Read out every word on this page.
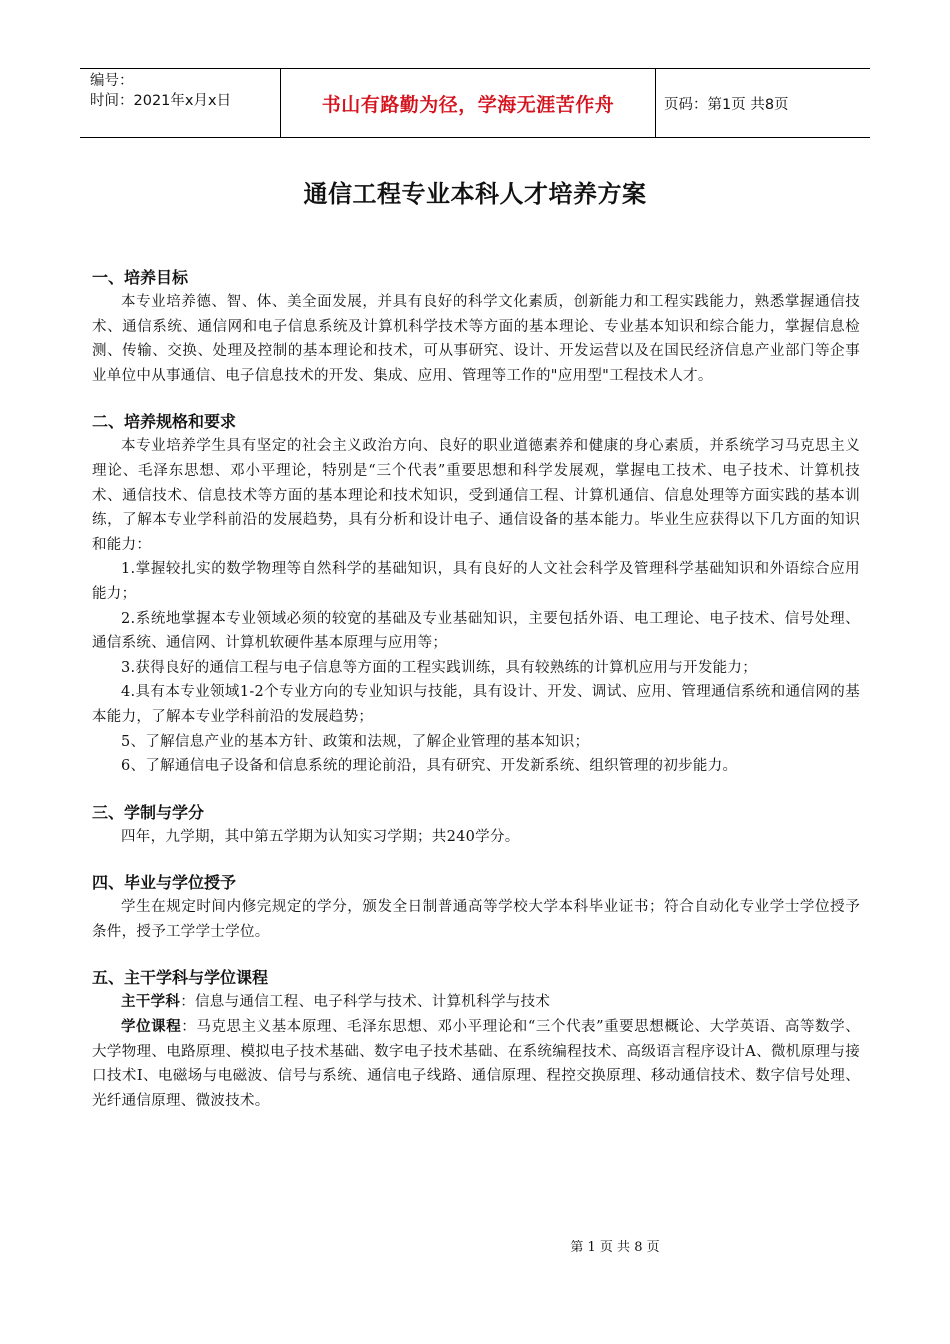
编号：
时间：2021年x月x日	书山有路勤为径，学海无涯苦作舟	页码：第1页 共8页
通信工程专业本科人才培养方案

一、培养目标

本专业培养德、智、体、美全面发展，并具有良好的科学文化素质，创新能力和工程实践能力，熟悉掌握通信技术、通信系统、通信网和电子信息系统及计算机科学技术等方面的基本理论、专业基本知识和综合能力，掌握信息检测、传输、交换、处理及控制的基本理论和技术，可从事研究、设计、开发运营以及在国民经济信息产业部门等企事业单位中从事通信、电子信息技术的开发、集成、应用、管理等工作的"应用型"工程技术人才。

二、培养规格和要求

本专业培养学生具有坚定的社会主义政治方向、良好的职业道德素养和健康的身心素质，并系统学习马克思主义理论、毛泽东思想、邓小平理论，特别是“三个代表”重要思想和科学发展观，掌握电工技术、电子技术、计算机技术、通信技术、信息技术等方面的基本理论和技术知识，受到通信工程、计算机通信、信息处理等方面实践的基本训练，了解本专业学科前沿的发展趋势，具有分析和设计电子、通信设备的基本能力。毕业生应获得以下几方面的知识和能力：

1.掌握较扎实的数学物理等自然科学的基础知识，具有良好的人文社会科学及管理科学基础知识和外语综合应用能力；

2.系统地掌握本专业领域必须的较宽的基础及专业基础知识，主要包括外语、电工理论、电子技术、信号处理、通信系统、通信网、计算机软硬件基本原理与应用等；

3.获得良好的通信工程与电子信息等方面的工程实践训练，具有较熟练的计算机应用与开发能力；

4.具有本专业领域1-2个专业方向的专业知识与技能，具有设计、开发、调试、应用、管理通信系统和通信网的基本能力，了解本专业学科前沿的发展趋势；

5、了解信息产业的基本方针、政策和法规，了解企业管理的基本知识；

6、了解通信电子设备和信息系统的理论前沿，具有研究、开发新系统、组织管理的初步能力。

三、学制与学分

四年，九学期，其中第五学期为认知实习学期；共240学分。

四、毕业与学位授予

学生在规定时间内修完规定的学分，颁发全日制普通高等学校大学本科毕业证书；符合自动化专业学士学位授予条件，授予工学学士学位。

五、主干学科与学位课程

主干学科：信息与通信工程、电子科学与技术、计算机科学与技术

学位课程：马克思主义基本原理、毛泽东思想、邓小平理论和“三个代表”重要思想概论、大学英语、高等数学、大学物理、电路原理、模拟电子技术基础、数字电子技术基础、在系统编程技术、高级语言程序设计A、微机原理与接口技术I、电磁场与电磁波、信号与系统、通信电子线路、通信原理、程控交换原理、移动通信技术、数字信号处理、光纤通信原理、微波技术。

第 1 页 共 8 页
